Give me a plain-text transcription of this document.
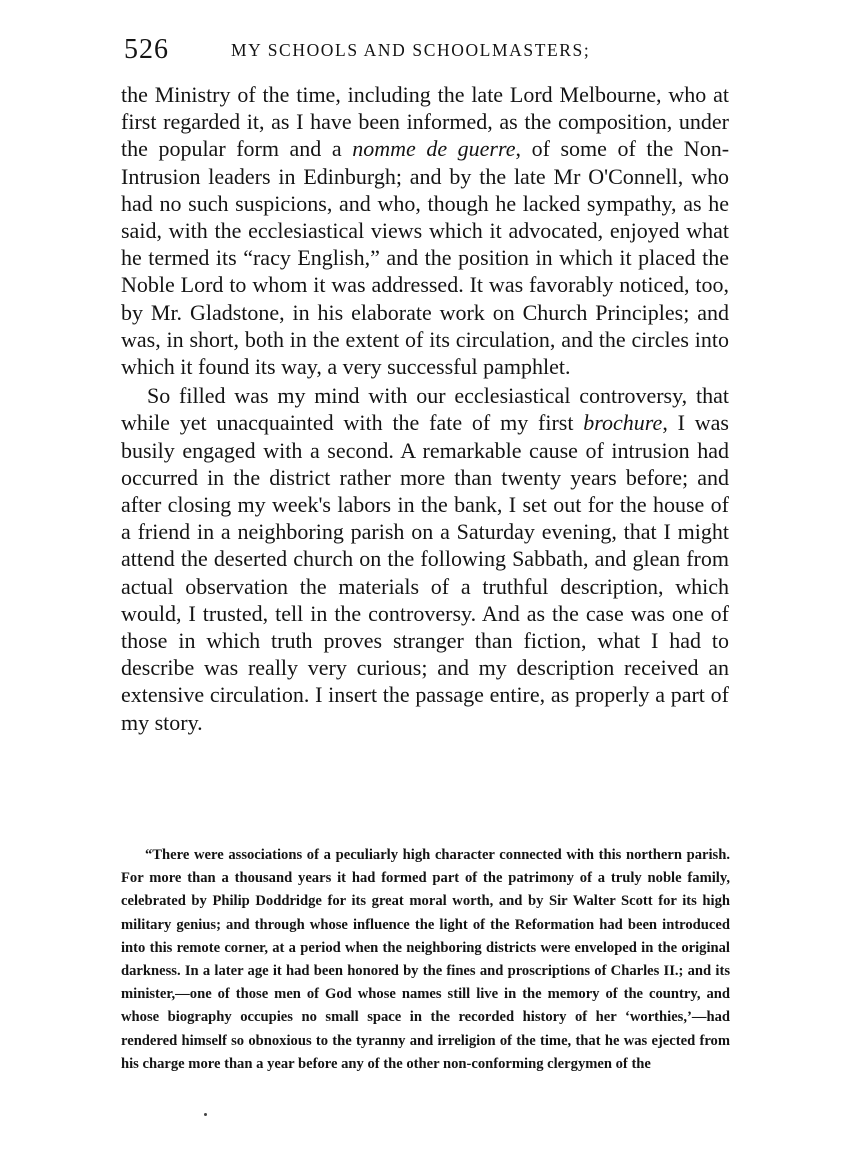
526	MY SCHOOLS AND SCHOOLMASTERS;

the Ministry of the time, including the late Lord Melbourne, who at first regarded it, as I have been informed, as the composition, under the popular form and a nomme de guerre, of some of the Non-Intrusion leaders in Edinburgh; and by the late Mr O'Connell, who had no such suspicions, and who, though he lacked sympathy, as he said, with the ecclesiastical views which it advocated, enjoyed what he termed its “racy English,” and the position in which it placed the Noble Lord to whom it was addressed. It was favorably noticed, too, by Mr. Gladstone, in his elaborate work on Church Principles; and was, in short, both in the extent of its circulation, and the circles into which it found its way, a very successful pamphlet.

So filled was my mind with our ecclesiastical controversy, that while yet unacquainted with the fate of my first brochure, I was busily engaged with a second. A remarkable cause of intrusion had occurred in the district rather more than twenty years before; and after closing my week's labors in the bank, I set out for the house of a friend in a neighboring parish on a Saturday evening, that I might attend the deserted church on the following Sabbath, and glean from actual observation the materials of a truthful description, which would, I trusted, tell in the controversy. And as the case was one of those in which truth proves stranger than fiction, what I had to describe was really very curious; and my description received an extensive circulation. I insert the passage entire, as properly a part of my story.

“There were associations of a peculiarly high character connected with this northern parish. For more than a thousand years it had formed part of the patrimony of a truly noble family, celebrated by Philip Doddridge for its great moral worth, and by Sir Walter Scott for its high military genius; and through whose influence the light of the Reformation had been introduced into this remote corner, at a period when the neighboring districts were enveloped in the original darkness. In a later age it had been honored by the fines and proscriptions of Charles II.; and its minister,—one of those men of God whose names still live in the memory of the country, and whose biography occupies no small space in the recorded history of her ‘worthies,’—had rendered himself so obnoxious to the tyranny and irreligion of the time, that he was ejected from his charge more than a year before any of the other non-conforming clergymen of the
